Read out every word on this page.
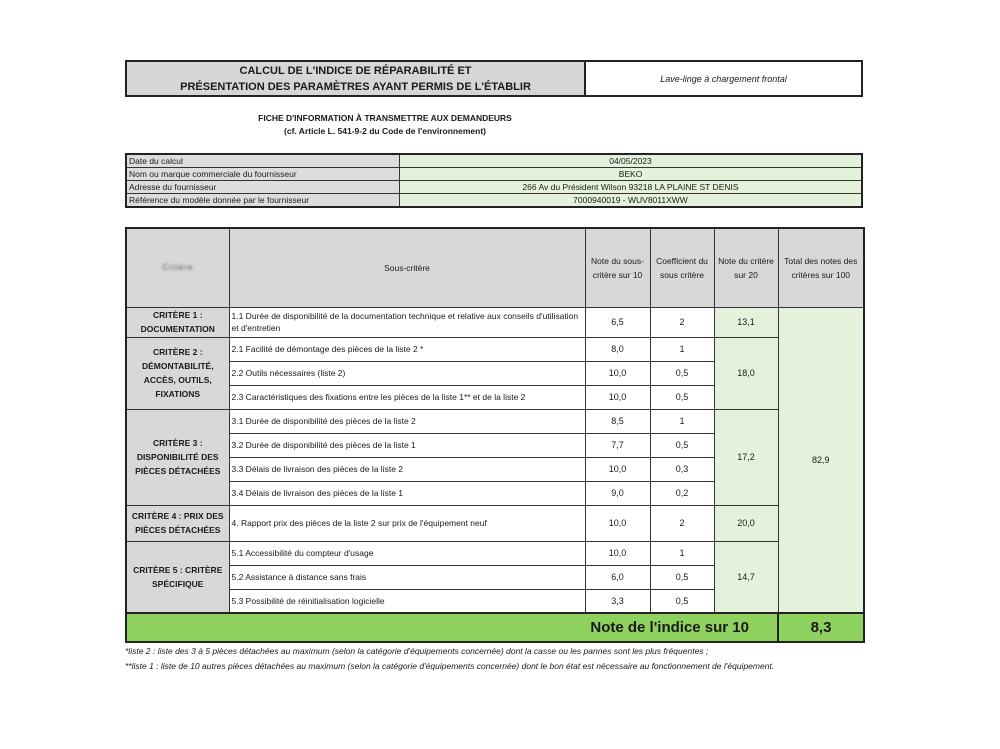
CALCUL DE L'INDICE DE RÉPARABILITÉ ET
PRÉSENTATION DES PARAMÈTRES AYANT PERMIS DE L'ÉTABLIR
Lave-linge à chargement frontal
FICHE D'INFORMATION À TRANSMETTRE AUX DEMANDEURS
(cf. Article L. 541-9-2 du Code de l'environnement)
Date du calcul	04/05/2023
Nom ou marque commerciale du fournisseur	BEKO
Adresse du fournisseur	266 Av du Président Wilson 93218 LA PLAINE ST DENIS
Référence du modèle donnée par le fournisseur	7000940019 - WUV8011XWW
Critère	Sous-critère	Note du sous-critère sur 10	Coefficient du sous critère	Note du critère sur 20	Total des notes des critères sur 100
CRITÈRE 1 : DOCUMENTATION	1.1 Durée de disponibilité de la documentation technique et relative aux conseils d'utilisation et d'entretien	6,5	2	13,1	82,9
CRITÈRE 2 : DÉMONTABILITÉ, ACCÈS, OUTILS, FIXATIONS	2.1 Facilité de démontage des pièces de la liste 2 *	8,0	1	18,0	
	2.2 Outils nécessaires (liste 2)	10,0	0,5		
	2.3 Caractéristiques des fixations entre les pièces de la liste 1** et de la liste 2	10,0	0,5		
CRITÈRE 3 : DISPONIBILITÉ DES PIÈCES DÉTACHÉES	3.1 Durée de disponibilité des pièces de la liste 2	8,5	1	17,2	
	3.2 Durée de disponibilité des pièces de la liste 1	7,7	0,5		
	3.3 Délais de livraison des pièces de la liste 2	10,0	0,3		
	3.4 Délais de livraison des pièces de la liste 1	9,0	0,2		
CRITÈRE 4 : PRIX DES PIÈCES DÉTACHÉES	4. Rapport prix des pièces de la liste 2 sur prix de l'équipement neuf	10,0	2	20,0	
CRITÈRE 5 : CRITÈRE SPÉCIFIQUE	5.1 Accessibilité du compteur d'usage	10,0	1	14,7	
	5.2 Assistance à distance sans frais	6,0	0,5		
	5.3 Possibilité de réinitialisation logicielle	3,3	0,5		
Note de l'indice sur 10					8,3
*liste 2 : liste des 3 à 5 pièces détachées au maximum (selon la catégorie d'équipements concernée) dont la casse ou les pannes sont les plus fréquentes ;
**liste 1 : liste de 10 autres pièces détachées au maximum (selon la catégorie d'équipements concernée) dont le bon état est nécessaire au fonctionnement de l'équipement.
